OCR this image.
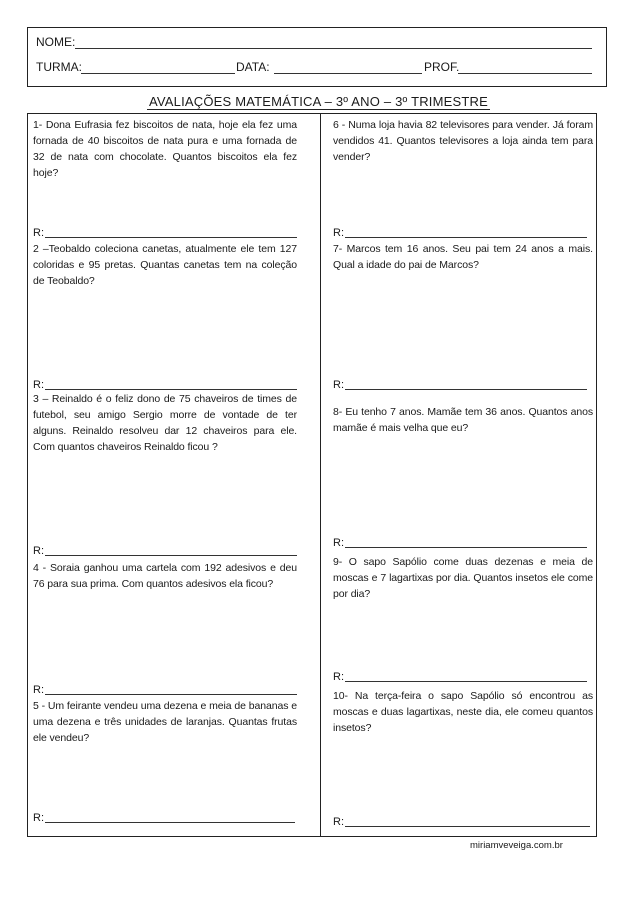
NOME:
TURMA:	DATA:	PROF.
AVALIAÇÕES MATEMÁTICA – 3º ANO – 3º TRIMESTRE
1- Dona Eufrasia fez biscoitos de nata, hoje ela fez uma fornada de 40 biscoitos de nata pura e uma fornada de 32 de nata com chocolate. Quantos biscoitos ela fez hoje?
R:
2 –Teobaldo coleciona canetas, atualmente ele tem 127 coloridas e 95 pretas. Quantas canetas tem na coleção de Teobaldo?
R:
3 – Reinaldo é o feliz dono de 75 chaveiros de times de futebol, seu amigo Sergio morre de vontade de ter alguns. Reinaldo resolveu dar 12 chaveiros para ele. Com quantos chaveiros Reinaldo ficou ?
R:
4 - Soraia ganhou uma cartela com 192 adesivos e deu 76 para sua prima. Com quantos adesivos ela ficou?
R:
5 - Um feirante vendeu uma dezena e meia de bananas e uma dezena e três unidades de laranjas. Quantas frutas ele vendeu?
R:
6 - Numa loja havia 82 televisores para vender. Já foram vendidos 41. Quantos televisores a loja ainda tem para vender?
R:
7- Marcos tem 16 anos. Seu pai tem 24 anos a mais. Qual a idade do pai de Marcos?
R:
8- Eu tenho 7 anos. Mamãe tem 36 anos. Quantos anos mamãe é mais velha que eu?
R:
9- O sapo Sapólio come duas dezenas e meia de moscas e 7 lagartixas por dia. Quantos insetos ele come por dia?
R:
10- Na terça-feira o sapo Sapólio só encontrou as moscas e duas lagartixas, neste dia, ele comeu quantos insetos?
R:
miriamveveiga.com.br
